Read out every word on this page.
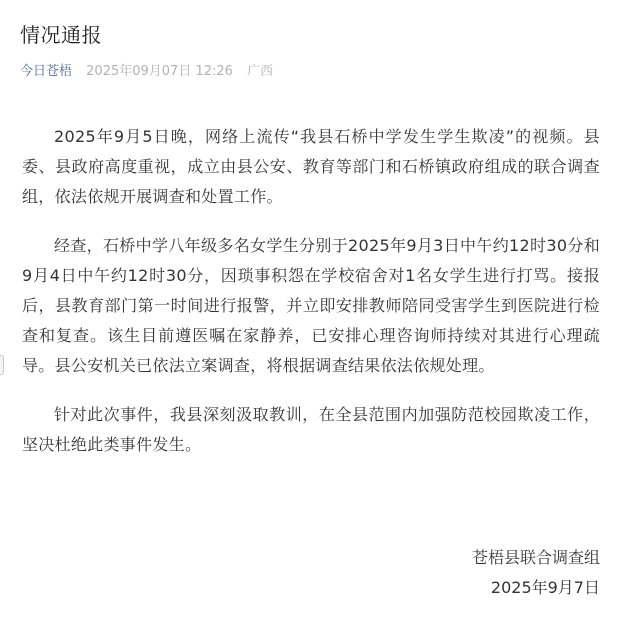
情况通报
今日苍梧 2025年09月07日 12:26 广西

2025年9月5日晚，网络上流传“我县石桥中学发生学生欺凌”的视频。县委、县政府高度重视，成立由县公安、教育等部门和石桥镇政府组成的联合调查组，依法依规开展调查和处置工作。

经查，石桥中学八年级多名女学生分别于2025年9月3日中午约12时30分和9月4日中午约12时30分，因琐事积怨在学校宿舍对1名女学生进行打骂。接报后，县教育部门第一时间进行报警，并立即安排教师陪同受害学生到医院进行检查和复查。该生目前遵医嘱在家静养，已安排心理咨询师持续对其进行心理疏导。县公安机关已依法立案调查，将根据调查结果依法依规处理。

针对此次事件，我县深刻汲取教训，在全县范围内加强防范校园欺凌工作，坚决杜绝此类事件发生。

苍梧县联合调查组
2025年9月7日
